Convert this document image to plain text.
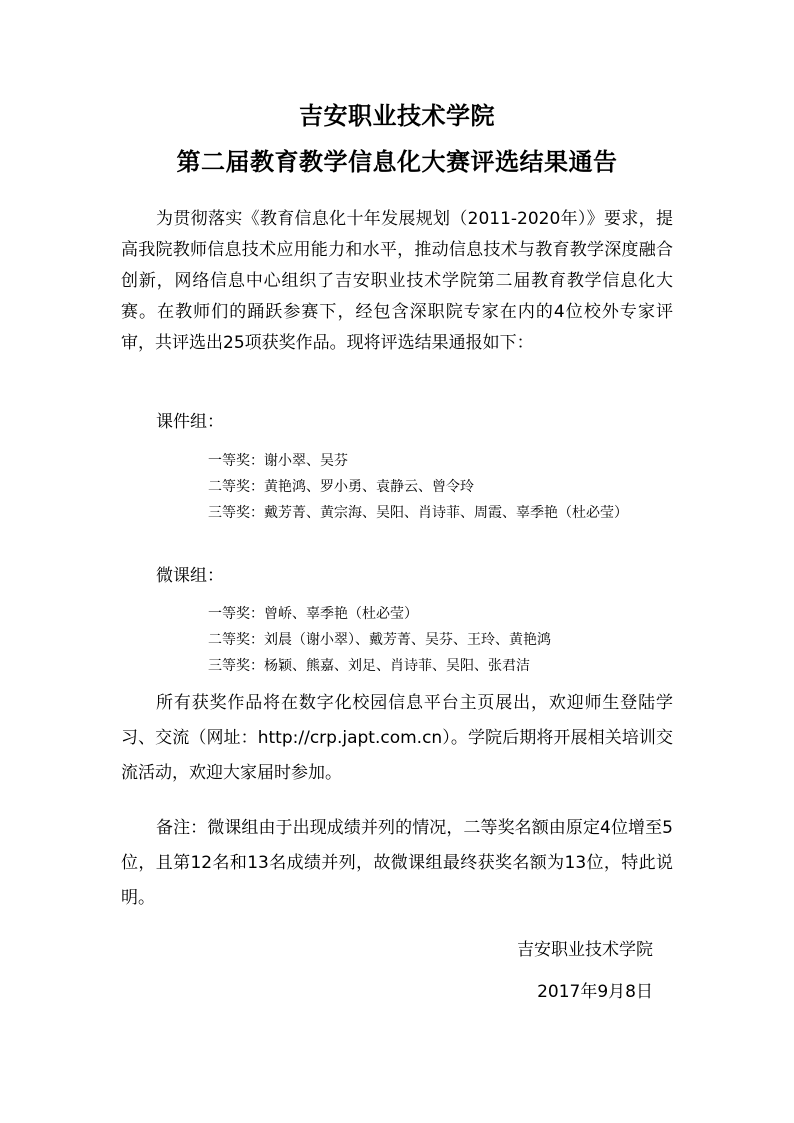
吉安职业技术学院
第二届教育教学信息化大赛评选结果通告

为贯彻落实《教育信息化十年发展规划（2011-2020年）》要求，提高我院教师信息技术应用能力和水平，推动信息技术与教育教学深度融合创新，网络信息中心组织了吉安职业技术学院第二届教育教学信息化大赛。在教师们的踊跃参赛下，经包含深职院专家在内的4位校外专家评审，共评选出25项获奖作品。现将评选结果通报如下：

课件组：

一等奖：谢小翠、吴芬

二等奖：黄艳鸿、罗小勇、袁静云、曾令玲

三等奖：戴芳菁、黄宗海、吴阳、肖诗菲、周霞、辜季艳（杜必莹）

微课组：

一等奖：曾峤、辜季艳（杜必莹）

二等奖：刘晨（谢小翠）、戴芳菁、吴芬、王玲、黄艳鸿

三等奖：杨颖、熊嘉、刘足、肖诗菲、吴阳、张君洁

所有获奖作品将在数字化校园信息平台主页展出，欢迎师生登陆学习、交流（网址：http://crp.japt.com.cn）。学院后期将开展相关培训交流活动，欢迎大家届时参加。

备注：微课组由于出现成绩并列的情况，二等奖名额由原定4位增至5位，且第12名和13名成绩并列，故微课组最终获奖名额为13位，特此说明。

吉安职业技术学院
2017年9月8日
